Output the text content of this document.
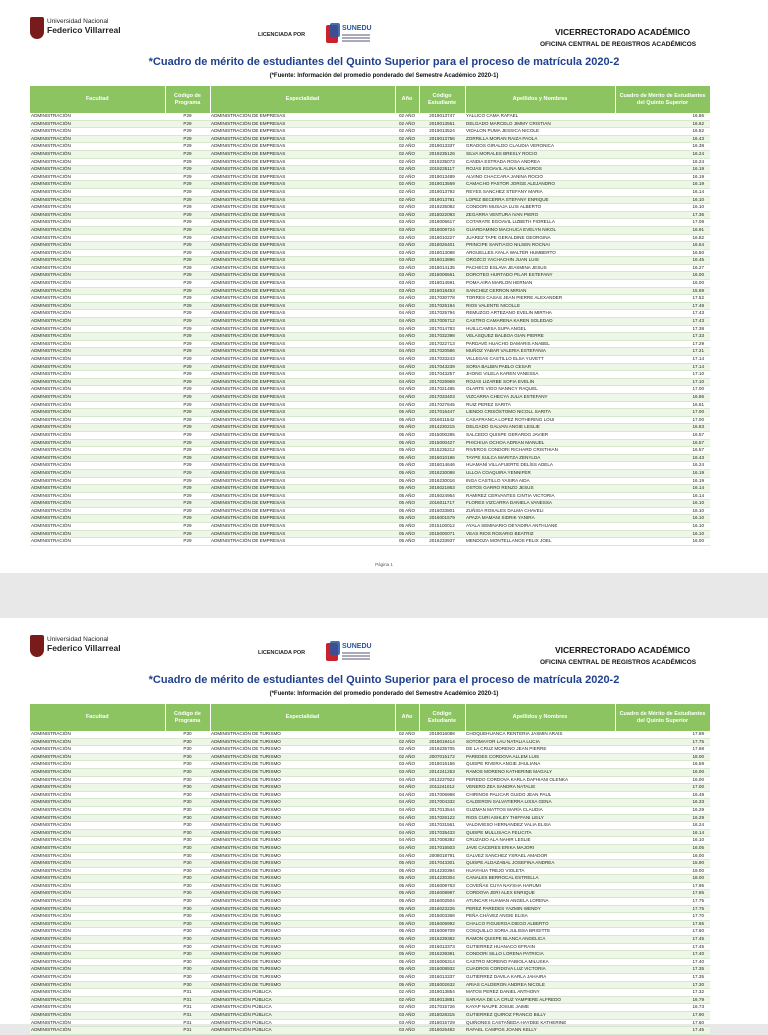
Universidad Nacional
Federico Villarreal	LICENCIADA POR
SUNEDU	VICERRECTORADO ACADÉMICO
OFICINA CENTRAL DE REGISTROS ACADÉMICOS
*Cuadro de mérito de estudiantes del Quinto Superior para el proceso de matrícula 2020-2
(*Fuente: Información del promedio ponderado del Semestre Académico 2020-1)
Facultad	Código de Programa	Especialidad	Año	Código Estudiante	Apellidos y Nombres	Cuadro de Mérito de Estudiantes del Quinto Superior
ADMINISTRACIÓN	P29	ADMINISTRACIÓN DE EMPRESAS	02 AÑO	2019013747	YALLICO CAMA RAFAEL	16.86
ADMINISTRACIÓN	P29	ADMINISTRACIÓN DE EMPRESAS	02 AÑO	2019013551	DELGADO MARCELO JIMMY CRISTIAN	16.62
ADMINISTRACIÓN	P29	ADMINISTRACIÓN DE EMPRESAS	02 AÑO	2019013524	VIDALON PUMA JESSICA NICOLE	16.52
ADMINISTRACIÓN	P29	ADMINISTRACIÓN DE EMPRESAS	02 AÑO	2019013756	ZORRILLA MORAN RAIZA PAOLA	16.43
ADMINISTRACIÓN	P29	ADMINISTRACIÓN DE EMPRESAS	02 AÑO	2019013337	GRADOS GIRALDO CLAUDIA VERONICA	16.38
ADMINISTRACIÓN	P29	ADMINISTRACIÓN DE EMPRESAS	02 AÑO	2019235126	SILVA MORALES BRESLY ROCIO	16.24
ADMINISTRACIÓN	P29	ADMINISTRACIÓN DE EMPRESAS	02 AÑO	2019235073	CANDIA ESTRADA ROSA ANDREA	16.24
ADMINISTRACIÓN	P29	ADMINISTRACIÓN DE EMPRESAS	02 AÑO	2019235117	ROJAS EGOAVIL ALINA MILAGROS	16.19
ADMINISTRACIÓN	P29	ADMINISTRACIÓN DE EMPRESAS	02 AÑO	2019013489	ALVINO CHACCARA JANINA ROCIO	16.19
ADMINISTRACIÓN	P29	ADMINISTRACIÓN DE EMPRESAS	02 AÑO	2019013569	CAMACHO PASTOR JORGE ALEJANDRO	16.19
ADMINISTRACIÓN	P29	ADMINISTRACIÓN DE EMPRESAS	02 AÑO	2019013792	REYES SANCHEZ STEFANY MARIA	16.14
ADMINISTRACIÓN	P29	ADMINISTRACIÓN DE EMPRESAS	02 AÑO	2019013781	LOPEZ BECERRA STEFANY ENRIQUE	16.10
ADMINISTRACIÓN	P29	ADMINISTRACIÓN DE EMPRESAS	02 AÑO	2019235082	CONDORI MUSAJA LUIS ALBERTO	16.10
ADMINISTRACIÓN	P29	ADMINISTRACIÓN DE EMPRESAS	03 AÑO	2018022093	ZEGARRA VENTURA IVAN PIERO	17.36
ADMINISTRACIÓN	P29	ADMINISTRACIÓN DE EMPRESAS	03 AÑO	2018005617	COTARATE EGOAVIL LIZBETH FIORELLA	17.09
ADMINISTRACIÓN	P29	ADMINISTRACIÓN DE EMPRESAS	03 AÑO	2018008724	GUARDAMINO MACHUCA EVELYN NIKOL	16.91
ADMINISTRACIÓN	P29	ADMINISTRACIÓN DE EMPRESAS	03 AÑO	2018010227	JUAREZ TAPE GERALDINE GEORGINA	16.82
ADMINISTRACIÓN	P29	ADMINISTRACIÓN DE EMPRESAS	03 AÑO	2018026401	PRINCIPE SANTIAGO NILSEN ROCNAI	16.54
ADMINISTRACIÓN	P29	ADMINISTRACIÓN DE EMPRESAS	03 AÑO	2018013088	ARGUELLES AYALA WALTER HUMBERTO	16.50
ADMINISTRACIÓN	P29	ADMINISTRACIÓN DE EMPRESAS	03 AÑO	2018013896	OROZCO YACHACHIN JUAN LUIS	16.45
ADMINISTRACIÓN	P29	ADMINISTRACIÓN DE EMPRESAS	03 AÑO	2018014135	PACHECO ESLAVA JEASMINA JESUS	16.27
ADMINISTRACIÓN	P29	ADMINISTRACIÓN DE EMPRESAS	03 AÑO	2018006561	DOROTEO HURTADO PILAR ESTEFANY	16.00
ADMINISTRACIÓN	P29	ADMINISTRACIÓN DE EMPRESAS	03 AÑO	2018014591	POMA AIRA MARLON HERNAN	16.00
ADMINISTRACIÓN	P29	ADMINISTRACIÓN DE EMPRESAS	03 AÑO	2018018453	SANCHEZ CERRON MIRIAN	15.69
ADMINISTRACIÓN	P29	ADMINISTRACIÓN DE EMPRESAS	04 AÑO	2017030778	TORRES CASAS JEAN PIERRE ALEXANDER	17.52
ADMINISTRACIÓN	P29	ADMINISTRACIÓN DE EMPRESAS	04 AÑO	2017026194	RIOS VALENTE NICOLLE	17.48
ADMINISTRACIÓN	P29	ADMINISTRACIÓN DE EMPRESAS	04 AÑO	2017025794	REMUZGO ARTEZANO EVELIN MIRTHA	17.43
ADMINISTRACIÓN	P29	ADMINISTRACIÓN DE EMPRESAS	04 AÑO	2017005712	CASTRO CAMARENA KAREN SOLEDAD	17.43
ADMINISTRACIÓN	P29	ADMINISTRACIÓN DE EMPRESAS	04 AÑO	2017014783	HUILLCAMISA SUPA ANGEL	17.38
ADMINISTRACIÓN	P29	ADMINISTRACIÓN DE EMPRESAS	04 AÑO	2017032398	VELASQUEZ BALBOA GIAN PIERRE	17.33
ADMINISTRACIÓN	P29	ADMINISTRACIÓN DE EMPRESAS	04 AÑO	2017022713	PARDAVÉ HUACHO DAMARIS ANABEL	17.29
ADMINISTRACIÓN	P29	ADMINISTRACIÓN DE EMPRESAS	04 AÑO	2017020586	MUÑOZ YABAR VALERIA ESTEFANIA	17.21
ADMINISTRACIÓN	P29	ADMINISTRACIÓN DE EMPRESAS	04 AÑO	2017033243	VILLEGAS CASTILLO ELSA YUVETT	17.14
ADMINISTRACIÓN	P29	ADMINISTRACIÓN DE EMPRESAS	04 AÑO	2017043239	SORIA BALBIN PABLO CESAR	17.14
ADMINISTRACIÓN	P29	ADMINISTRACIÓN DE EMPRESAS	04 AÑO	2017043257	JHONG VILELA KAREN VANESSA	17.10
ADMINISTRACIÓN	P29	ADMINISTRACIÓN DE EMPRESAS	04 AÑO	2017026969	ROJAS LIZARBE SOFIA EVELIN	17.10
ADMINISTRACIÓN	P29	ADMINISTRACIÓN DE EMPRESAS	04 AÑO	2017021485	OLARTE VIGO NANNCY RAQUEL	17.00
ADMINISTRACIÓN	P29	ADMINISTRACIÓN DE EMPRESAS	04 AÑO	2017033403	VIZCARRA CHECYA JULIA ESTEFANY	16.86
ADMINISTRACIÓN	P29	ADMINISTRACIÓN DE EMPRESAS	04 AÑO	2017027645	RUIZ PEREZ SARITA	16.81
ADMINISTRACIÓN	P29	ADMINISTRACIÓN DE EMPRESAS	05 AÑO	2017016447	LIENDO CRISÓSTOMO NICOLL SARITA	17.00
ADMINISTRACIÓN	P29	ADMINISTRACIÓN DE EMPRESAS	05 AÑO	2016011542	CASAFRANCA LOPEZ ROTHERING LOUI	17.00
ADMINISTRACIÓN	P29	ADMINISTRACIÓN DE EMPRESAS	05 AÑO	2014230215	DELGADO GALVAN ANGIE LESLIE	16.83
ADMINISTRACIÓN	P29	ADMINISTRACIÓN DE EMPRESAS	05 AÑO	2015000285	SALCEDO QUISPE GERARDO JAVIER	16.57
ADMINISTRACIÓN	P29	ADMINISTRACIÓN DE EMPRESAS	05 AÑO	2015000427	PHICHIUA OCHOA ADRIAN MANUEL	16.57
ADMINISTRACIÓN	P29	ADMINISTRACIÓN DE EMPRESAS	05 AÑO	2015235212	RIVEROS CONDORI RICHARD CRISTHIAN	16.57
ADMINISTRACIÓN	P29	ADMINISTRACIÓN DE EMPRESAS	05 AÑO	2016010196	TAYPE SULCA MARITZA ZENYLDA	16.43
ADMINISTRACIÓN	P29	ADMINISTRACIÓN DE EMPRESAS	05 AÑO	2016014646	HUAMANÍ VILLAFUERTE DELÍSS ADELA	16.24
ADMINISTRACIÓN	P29	ADMINISTRACIÓN DE EMPRESAS	05 AÑO	2016230088	ULLOA COAQUIRA YENNIFER	16.19
ADMINISTRACIÓN	P29	ADMINISTRACIÓN DE EMPRESAS	05 AÑO	2016230016	INGA CASTILLO YASIRA AIDA	16.19
ADMINISTRACIÓN	P29	ADMINISTRACIÓN DE EMPRESAS	05 AÑO	2016021863	OSTOS GARRO RENZO JESUS	16.14
ADMINISTRACIÓN	P29	ADMINISTRACIÓN DE EMPRESAS	05 AÑO	2016024954	RAMIREZ CERVANTES CINTIA VICTORIA	16.14
ADMINISTRACIÓN	P29	ADMINISTRACIÓN DE EMPRESAS	05 AÑO	2016011717	FLORES VIZCARRA DANIELA VANESSA	16.10
ADMINISTRACIÓN	P29	ADMINISTRACIÓN DE EMPRESAS	05 AÑO	2016033801	ZUÑIGA ROSALES DALMA CHAVELI	16.10
ADMINISTRACIÓN	P29	ADMINISTRACIÓN DE EMPRESAS	05 AÑO	2016001579	APAZA MAMANI SIDRIK YANIRA	16.10
ADMINISTRACIÓN	P29	ADMINISTRACIÓN DE EMPRESAS	05 AÑO	2015100012	AYALA SEMINARIO DEYADIRA ANTHUANE	16.10
ADMINISTRACIÓN	P29	ADMINISTRACIÓN DE EMPRESAS	05 AÑO	2015000071	VEAS RIOS ROSARIO BEATRIZ	16.10
ADMINISTRACIÓN	P29	ADMINISTRACIÓN DE EMPRESAS	05 AÑO	2016233937	MENDOZA MONTELLANOS FELIX JOEL	16.00
Página 1
Universidad Nacional
Federico Villarreal	LICENCIADA POR
SUNEDU	VICERRECTORADO ACADÉMICO
OFICINA CENTRAL DE REGISTROS ACADÉMICOS
*Cuadro de mérito de estudiantes del Quinto Superior para el proceso de matrícula 2020-2
(*Fuente: Información del promedio ponderado del Semestre Académico 2020-1)
Facultad	Código de Programa	Especialidad	Año	Código Estudiante	Apellidos y Nombres	Cuadro de Mérito de Estudiantes del Quinto Superior
ADMINISTRACIÓN	P30	ADMINISTRACIÓN DE TURISMO	02 AÑO	2019016088	CHOQUEHUANCA RENTERIA JASMIN ARAIS	17.89
ADMINISTRACIÓN	P30	ADMINISTRACIÓN DE TURISMO	02 AÑO	2018019414	SOTOMAYOR LAU NATALIA LUCIA	17.75
ADMINISTRACIÓN	P30	ADMINISTRACIÓN DE TURISMO	02 AÑO	2019235705	DE LA CRUZ MORENO JEAN PIERRE	17.68
ADMINISTRACIÓN	P30	ADMINISTRACIÓN DE TURISMO	02 AÑO	2007015172	PAREDES CORDOVA ALLEM LUIS	18.00
ADMINISTRACIÓN	P30	ADMINISTRACIÓN DE TURISMO	03 AÑO	2018016156	QUISPE RIVERA ANGIE JHULIANA	16.59
ADMINISTRACIÓN	P30	ADMINISTRACIÓN DE TURISMO	03 AÑO	2014241253	RAMOS MORENO KATHERINE MAGALY	16.00
ADMINISTRACIÓN	P30	ADMINISTRACIÓN DE TURISMO	04 AÑO	2013237922	PEREDO CORDOVA KARLA DAFHIANI OLENKA	16.00
ADMINISTRACIÓN	P30	ADMINISTRACIÓN DE TURISMO	04 AÑO	2011241012	VENERO ZEA SANDRA NATALIE	17.00
ADMINISTRACIÓN	P30	ADMINISTRACIÓN DE TURISMO	04 AÑO	2017006968	CHIRINOS PALICAR GUIDO JEAN PAUL	16.48
ADMINISTRACIÓN	P30	ADMINISTRACIÓN DE TURISMO	04 AÑO	2017004332	CALDERON SALVATIERRA LISSA GENA	16.33
ADMINISTRACIÓN	P30	ADMINISTRACIÓN DE TURISMO	04 AÑO	2017013544	GUZMAN MATTOS MARÍA CLAUDIA	16.29
ADMINISTRACIÓN	P30	ADMINISTRACIÓN DE TURISMO	04 AÑO	2017026122	RIOS CURI ASHLEY THIFFANI LEILY	16.29
ADMINISTRACIÓN	P30	ADMINISTRACIÓN DE TURISMO	04 AÑO	2017031561	VALDIVIESO HERNANDEZ VALIA ELISA	16.24
ADMINISTRACIÓN	P30	ADMINISTRACIÓN DE TURISMO	04 AÑO	2017035433	QUISPE MULLISACA FELICITA	16.14
ADMINISTRACIÓN	P30	ADMINISTRACIÓN DE TURISMO	04 AÑO	2017008392	CRUZADO ALA NAHIR LESLIE	16.10
ADMINISTRACIÓN	P30	ADMINISTRACIÓN DE TURISMO	04 AÑO	2017015503	JAVE CACERES ERIKA MAJORI	16.05
ADMINISTRACIÓN	P30	ADMINISTRACIÓN DE TURISMO	04 AÑO	2008018791	GALVEZ SANCHEZ YSRAEL AMADOR	16.00
ADMINISTRACIÓN	P30	ADMINISTRACIÓN DE TURISMO	05 AÑO	2017043301	QUISPE ALDAZABAL JOSEFINA ANDREA	15.90
ADMINISTRACIÓN	P30	ADMINISTRACIÓN DE TURISMO	05 AÑO	2014230394	HUAYHUA TREJO VIOLETA	19.00
ADMINISTRACIÓN	P30	ADMINISTRACIÓN DE TURISMO	05 AÑO	2014230304	CANALES BERROCAL ESTRELLA	18.00
ADMINISTRACIÓN	P30	ADMINISTRACIÓN DE TURISMO	05 AÑO	2016008763	COVEÑAS CUYA NAYSHA HARUMI	17.95
ADMINISTRACIÓN	P30	ADMINISTRACIÓN DE TURISMO	05 AÑO	2016008987	CORDOVA JERI ALEX ENRIQUE	17.85
ADMINISTRACIÓN	P30	ADMINISTRACIÓN DE TURISMO	05 AÑO	2016002504	ATUNCAR HUAMAN ANGELA LORENA	17.75
ADMINISTRACIÓN	P30	ADMINISTRACIÓN DE TURISMO	05 AÑO	2016023226	PEREZ PAREDES YAZMIN WENDY	17.75
ADMINISTRACIÓN	P30	ADMINISTRACIÓN DE TURISMO	05 AÑO	2015003368	PEÑA CHÁVEZ ANGIE ELISA	17.70
ADMINISTRACIÓN	P30	ADMINISTRACIÓN DE TURISMO	05 AÑO	2016006992	CHALCO FIGUEROA DIEGO ALBERTO	17.65
ADMINISTRACIÓN	P30	ADMINISTRACIÓN DE TURISMO	05 AÑO	2016008709	COSQUILLO SORIA JULISSA BRIGITTE	17.60
ADMINISTRACIÓN	P30	ADMINISTRACIÓN DE TURISMO	05 AÑO	2016239382	RAMON QUISPE BLANCA ANGELICA	17.45
ADMINISTRACIÓN	P30	ADMINISTRACIÓN DE TURISMO	05 AÑO	2016013373	GUTIERREZ HUANACO EFRAIN	17.45
ADMINISTRACIÓN	P30	ADMINISTRACIÓN DE TURISMO	05 AÑO	2016239391	CONDORI SILLO LORENA PATRICIA	17.40
ADMINISTRACIÓN	P30	ADMINISTRACIÓN DE TURISMO	05 AÑO	2016006314	CASTRO MORENO FABIOLA MILUSKA	17.40
ADMINISTRACIÓN	P30	ADMINISTRACIÓN DE TURISMO	05 AÑO	2016008932	CUADROS CORDOVA LUZ VICTORIA	17.35
ADMINISTRACIÓN	P30	ADMINISTRACIÓN DE TURISMO	05 AÑO	2016013337	GUTIERREZ DAVILA KARLA JAHAIRA	17.35
ADMINISTRACIÓN	P30	ADMINISTRACIÓN DE TURISMO	05 AÑO	2016002632	ARIAS CALDERON ANDREA NICOLE	17.30
ADMINISTRACIÓN	P31	ADMINISTRACIÓN PÚBLICA	02 AÑO	2019013854	MATOS PEREZ DANIEL ANTHONY	17.32
ADMINISTRACIÓN	P31	ADMINISTRACIÓN PÚBLICA	02 AÑO	2019013881	SARAVIA DE LA CRUZ YAMPIERE ALFREDO	16.79
ADMINISTRACIÓN	P31	ADMINISTRACIÓN PÚBLICA	02 AÑO	2017015726	KAYAP NAUPE JOSUE JAIME	16.73
ADMINISTRACIÓN	P31	ADMINISTRACIÓN PÚBLICA	03 AÑO	2018028315	GUTIERREZ QUIROZ FRANCO BILLY	17.90
ADMINISTRACIÓN	P31	ADMINISTRACIÓN PÚBLICA	03 AÑO	2018015729	QUIÑONES CASTAÑEDA HAYDEE KATHERINE	17.60
ADMINISTRACIÓN	P31	ADMINISTRACIÓN PÚBLICA	03 AÑO	2018026482	RAFAEL CAMPOS JOANN KELLY	17.45
